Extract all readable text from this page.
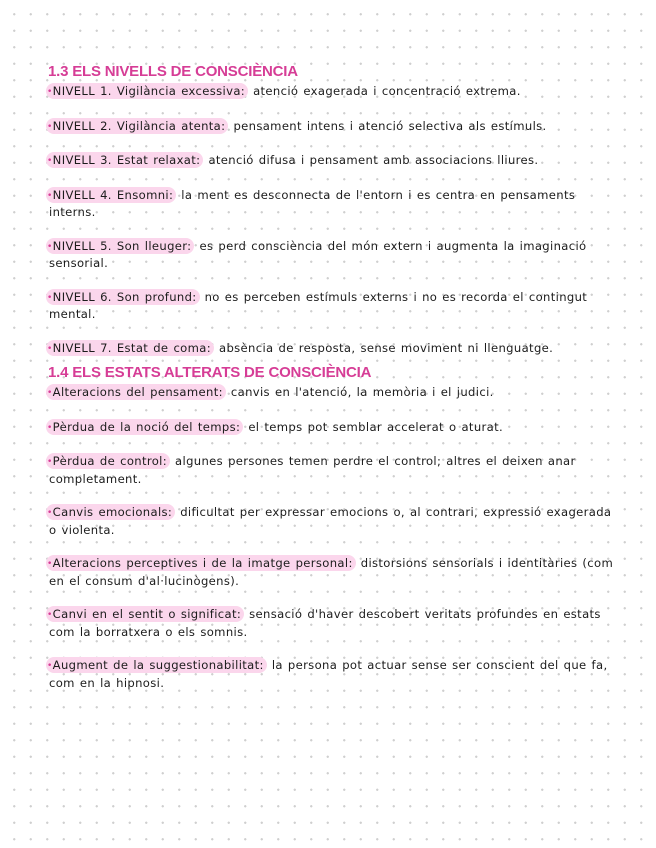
1.3 ELS NIVELLS DE CONSCIÈNCIA
•NIVELL 1. Vigilància excessiva: atenció exagerada i concentració extrema.
•NIVELL 2. Vigilància atenta: pensament intens i atenció selectiva als estímuls.
•NIVELL 3. Estat relaxat: atenció difusa i pensament amb associacions lliures.
•NIVELL 4. Ensomni: la ment es desconnecta de l'entorn i es centra en pensaments interns.
•NIVELL 5. Son lleuger: es perd consciència del món extern i augmenta la imaginació sensorial.
•NIVELL 6. Son profund: no es perceben estímuls externs i no es recorda el contingut mental.
•NIVELL 7. Estat de coma: absència de resposta, sense moviment ni llenguatge.
1.4 ELS ESTATS ALTERATS DE CONSCIÈNCIA
•Alteracions del pensament: canvis en l'atenció, la memòria i el judici.
•Pèrdua de la noció del temps: el temps pot semblar accelerat o aturat.
•Pèrdua de control: algunes persones temen perdre el control; altres el deixen anar completament.
•Canvis emocionals: dificultat per expressar emocions o, al contrari, expressió exagerada o violenta.
•Alteracions perceptives i de la imatge personal: distorsions sensorials i identitàries (com en el consum d'al·lucinògens).
•Canvi en el sentit o significat: sensació d'haver descobert veritats profundes en estats com la borratxera o els somnis.
•Augment de la suggestionabilitat: la persona pot actuar sense ser conscient del que fa, com en la hipnosi.
